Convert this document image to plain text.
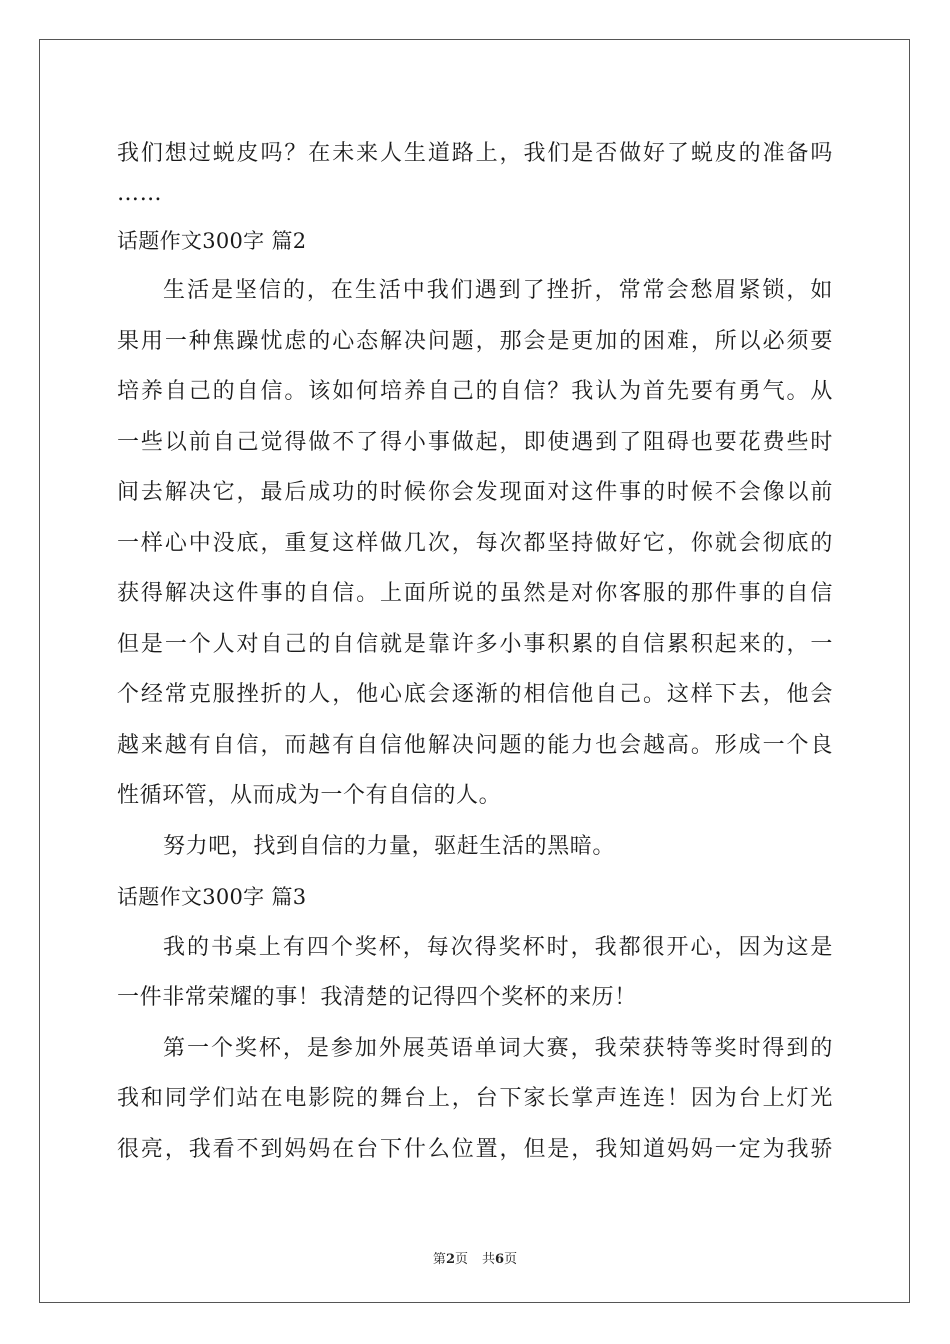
我们想过蜕皮吗？在未来人生道路上，我们是否做好了蜕皮的准备吗
……
话题作文300字 篇2
生活是坚信的，在生活中我们遇到了挫折，常常会愁眉紧锁，如
果用一种焦躁忧虑的心态解决问题，那会是更加的困难，所以必须要
培养自己的自信。该如何培养自己的自信？我认为首先要有勇气。从
一些以前自己觉得做不了得小事做起，即使遇到了阻碍也要花费些时
间去解决它，最后成功的时候你会发现面对这件事的时候不会像以前
一样心中没底，重复这样做几次，每次都坚持做好它，你就会彻底的
获得解决这件事的自信。上面所说的虽然是对你客服的那件事的自信
但是一个人对自己的自信就是靠许多小事积累的自信累积起来的，一
个经常克服挫折的人，他心底会逐渐的相信他自己。这样下去，他会
越来越有自信，而越有自信他解决问题的能力也会越高。形成一个良
性循环管，从而成为一个有自信的人。
努力吧，找到自信的力量，驱赶生活的黑暗。
话题作文300字 篇3
我的书桌上有四个奖杯，每次得奖杯时，我都很开心，因为这是
一件非常荣耀的事！我清楚的记得四个奖杯的来历！
第一个奖杯，是参加外展英语单词大赛，我荣获特等奖时得到的
我和同学们站在电影院的舞台上，台下家长掌声连连！因为台上灯光
很亮，我看不到妈妈在台下什么位置，但是，我知道妈妈一定为我骄
第2页 共6页
